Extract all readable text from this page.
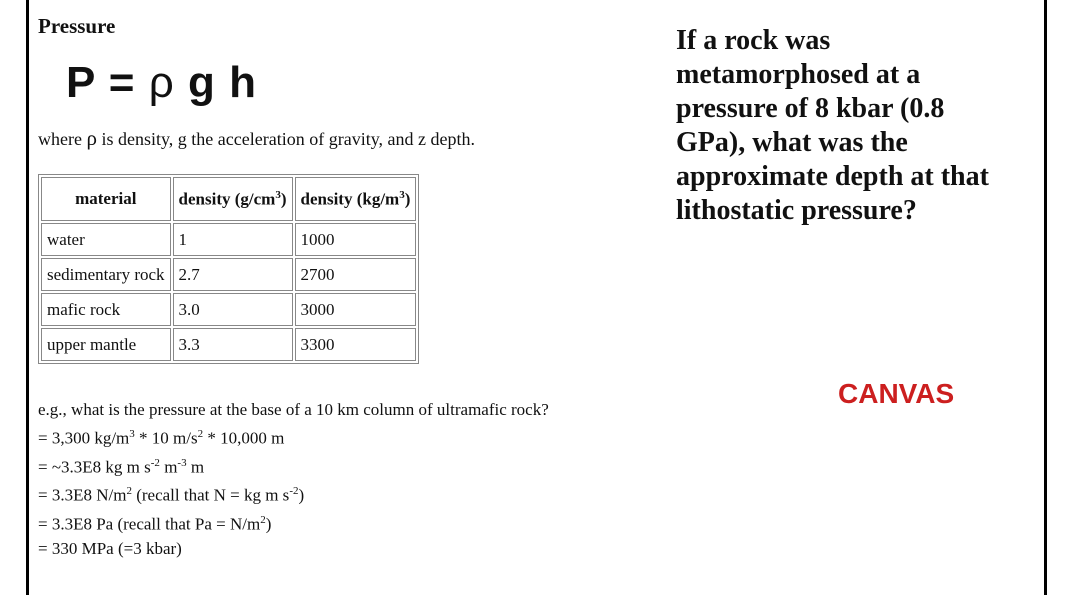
Pressure
P = ρ g h
where ρ is density, g the acceleration of gravity, and z depth.
material	density $(g/cm^3)$	density $(kg/m^3)$
water	1	1000
sedimentary rock	2.7	2700
mafic rock	3.0	3000
upper mantle	3.3	3300
e.g., what is the pressure at the base of a 10 km column of ultramafic rock?
= 3,300 $kg/m^3 * 10$ $m/s^2 * 10,000$ m
= ~3.3E8 kg m $s^{-2}$ $m^{-3}$ m
= 3.3E8 $N/m^2$ (recall that N = kg m $s^{-2}$)
= 3.3E8 Pa (recall that $Pa = N/m^2$)
= 330 MPa (=3 kbar)
If a rock was metamorphosed at a pressure of 8 kbar (0.8 GPa), what was the approximate depth at that lithostatic pressure?
CANVAS
